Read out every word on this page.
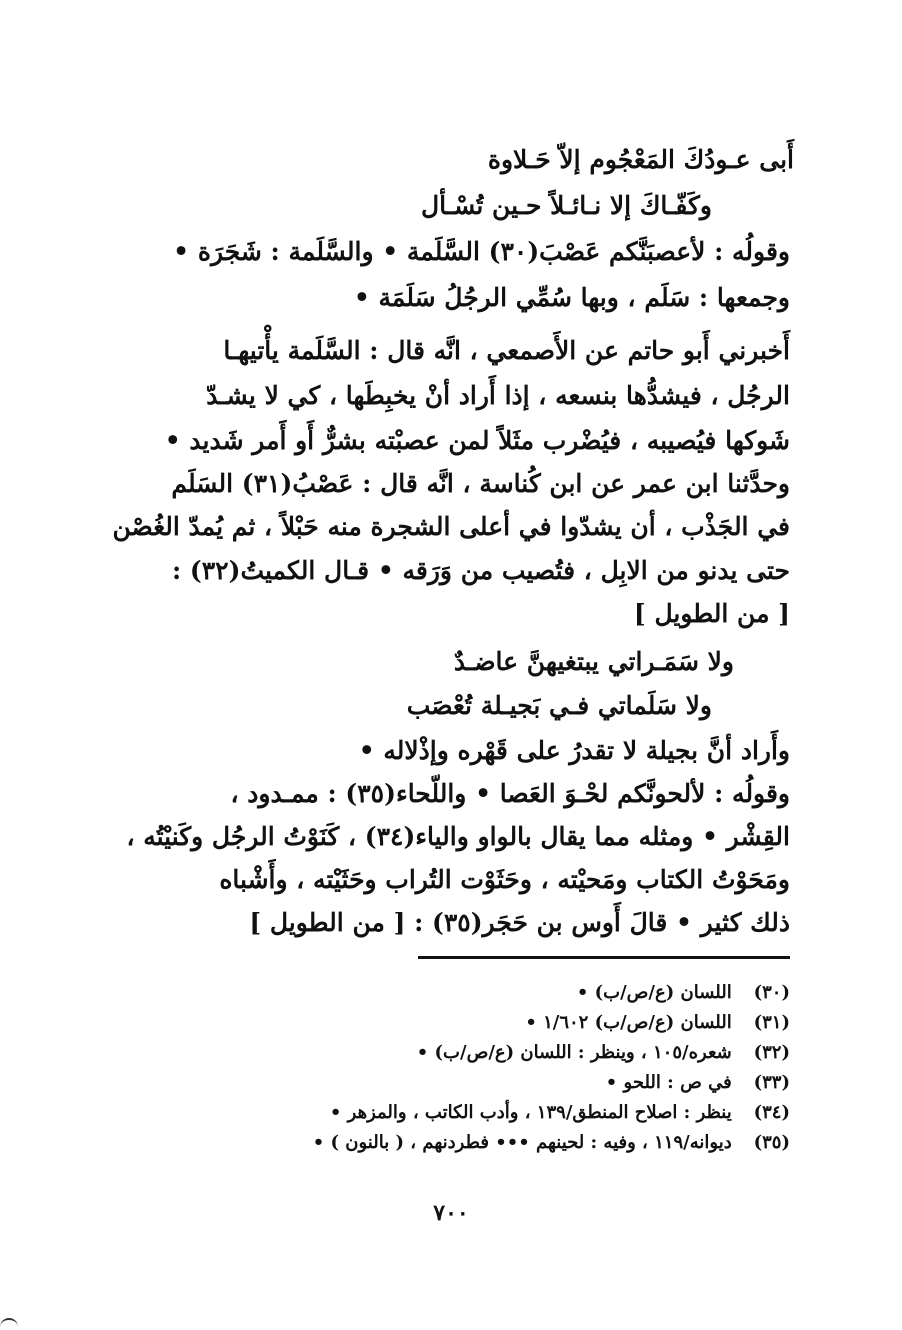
أَبى عـودُكَ المَعْجُوم إلاّ حَـلاوة
وكَفّـاكَ إلا نـائـلاً حـين تُسْـأل
وقولُه : لأعصبَنَّكم عَصْبَ(٣٠) السَّلَمة • والسَّلَمة : شَجَرَة •
وجمعها : سَلَم ، وبها سُمِّي الرجُلُ سَلَمَة •
أَخبرني أَبو حاتم عن الأَصمعي ، انَّه قال : السَّلَمة يأْتيهـا
الرجُل ، فيشدُّها بنسعه ، إذا أَراد أنْ يخبِطَها ، كي لا يشـدّ
شَوكها فيُصيبه ، فيُضْرب مثَلاً لمن عصبْته بشرٌّ أَو أَمر شَديد •
وحدَّثنا ابن عمر عن ابن كُناسة ، انَّه قال : عَصْبُ(٣١) السَلَم
في الجَذْب ، أن يشدّوا في أعلى الشجرة منه حَبْلاً ، ثم يُمدّ الغُصْن
حتى يدنو من الابِل ، فتُصيب من وَرَقه • قـال الكميتُ(٣٢) :
[ من الطويل ]
ولا سَمَـراتي يبتغيهنَّ عاضـدٌ
ولا سَلَماتي فـي بَجيـلة تُعْصَب
وأَراد أنَّ بجيلة لا تقدرُ على قَهْره وإذْلاله •
وقولُه : لألحونَّكم لحْـوَ العَصا • واللّحاء(٣٥) : ممـدود ،
القِشْر • ومثله مما يقال بالواو والياء(٣٤) ، كَنَوْتُ الرجُل وكَنيْتُه ،
ومَحَوْتُ الكتاب ومَحيْته ، وحَثَوْت التُراب وحَثَيْته ، وأَشْباه
ذلك كثير • قالَ أَوس بن حَجَر(٣٥) : [ من الطويل ]
(٣٠) اللسان (ع/ص/ب) •
(٣١) اللسان (ع/ص/ب) ١/٦٠٢ •
(٣٢) شعره/١٠٥ ، وينظر : اللسان (ع/ص/ب) •
(٣٣) في ص : اللحو •
(٣٤) ينظر : اصلاح المنطق/١٣٩ ، وأدب الكاتب ، والمزهر •
(٣٥) ديوانه/١١٩ ، وفيه : لحينهم ••• فطردنهم ، ( بالنون ) •
٧٠٠
